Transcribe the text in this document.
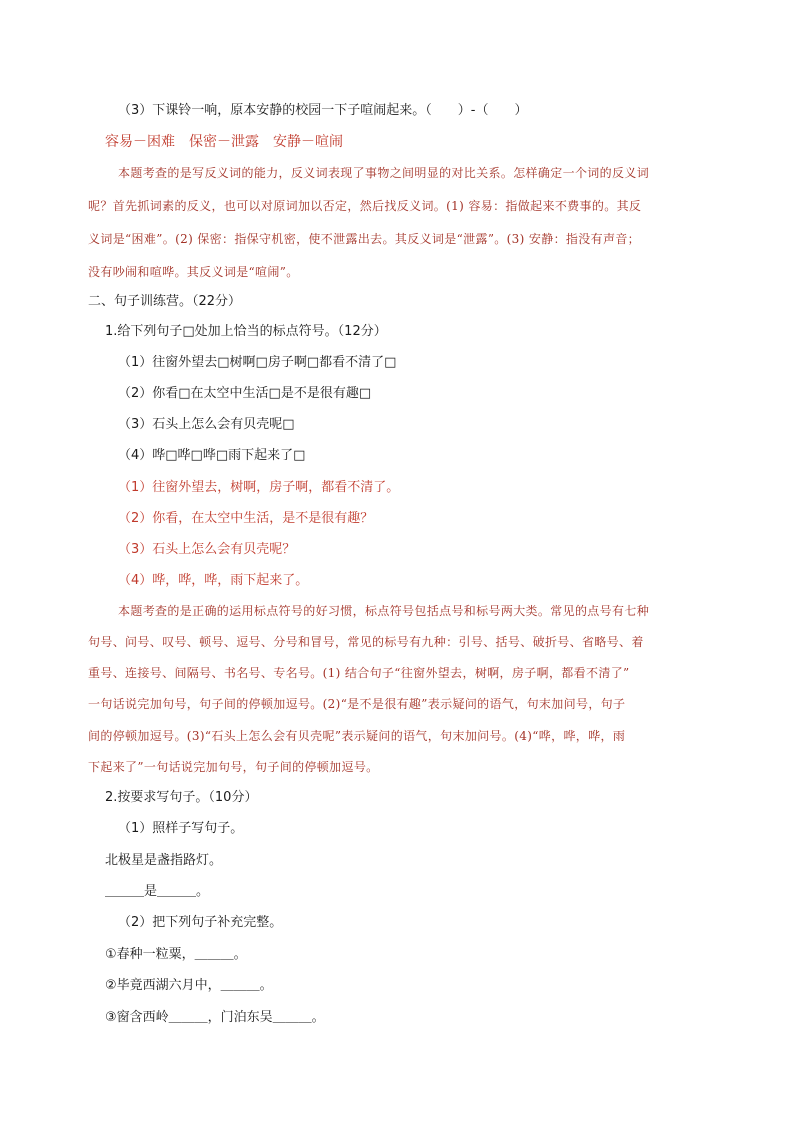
（3）下课铃一响，原本安静的校园一下子喧闹起来。（　　）-（　　）
容易－困难　保密－泄露　安静－喧闹
本题考查的是写反义词的能力，反义词表现了事物之间明显的对比关系。怎样确定一个词的反义词
呢？首先抓词素的反义，也可以对原词加以否定，然后找反义词。(1) 容易：指做起来不费事的。其反
义词是“困难”。(2) 保密：指保守机密，使不泄露出去。其反义词是“泄露”。(3) 安静：指没有声音；
没有吵闹和喧哗。其反义词是“喧闹”。
二、句子训练营。（22分）
1.给下列句子□处加上恰当的标点符号。（12分）
（1）往窗外望去□树啊□房子啊□都看不清了□
（2）你看□在太空中生活□是不是很有趣□
（3）石头上怎么会有贝壳呢□
（4）哗□哗□哗□雨下起来了□
（1）往窗外望去，树啊，房子啊，都看不清了。
（2）你看，在太空中生活，是不是很有趣？
（3）石头上怎么会有贝壳呢？
（4）哗，哗，哗，雨下起来了。
本题考查的是正确的运用标点符号的好习惯，标点符号包括点号和标号两大类。常见的点号有七种
句号、问号、叹号、顿号、逗号、分号和冒号，常见的标号有九种：引号、括号、破折号、省略号、着
重号、连接号、间隔号、书名号、专名号。(1) 结合句子“往窗外望去，树啊，房子啊，都看不清了”
一句话说完加句号，句子间的停顿加逗号。(2)“是不是很有趣”表示疑问的语气，句末加问号，句子
间的停顿加逗号。(3)“石头上怎么会有贝壳呢”表示疑问的语气，句末加问号。(4)“哗，哗，哗，雨
下起来了”一句话说完加句号，句子间的停顿加逗号。
2.按要求写句子。（10分）
（1）照样子写句子。
北极星是盏指路灯。
＿＿＿是＿＿＿。
（2）把下列句子补充完整。
①春种一粒粟，＿＿＿。
②毕竟西湖六月中，＿＿＿。
③窗含西岭＿＿＿，门泊东吴＿＿＿。
